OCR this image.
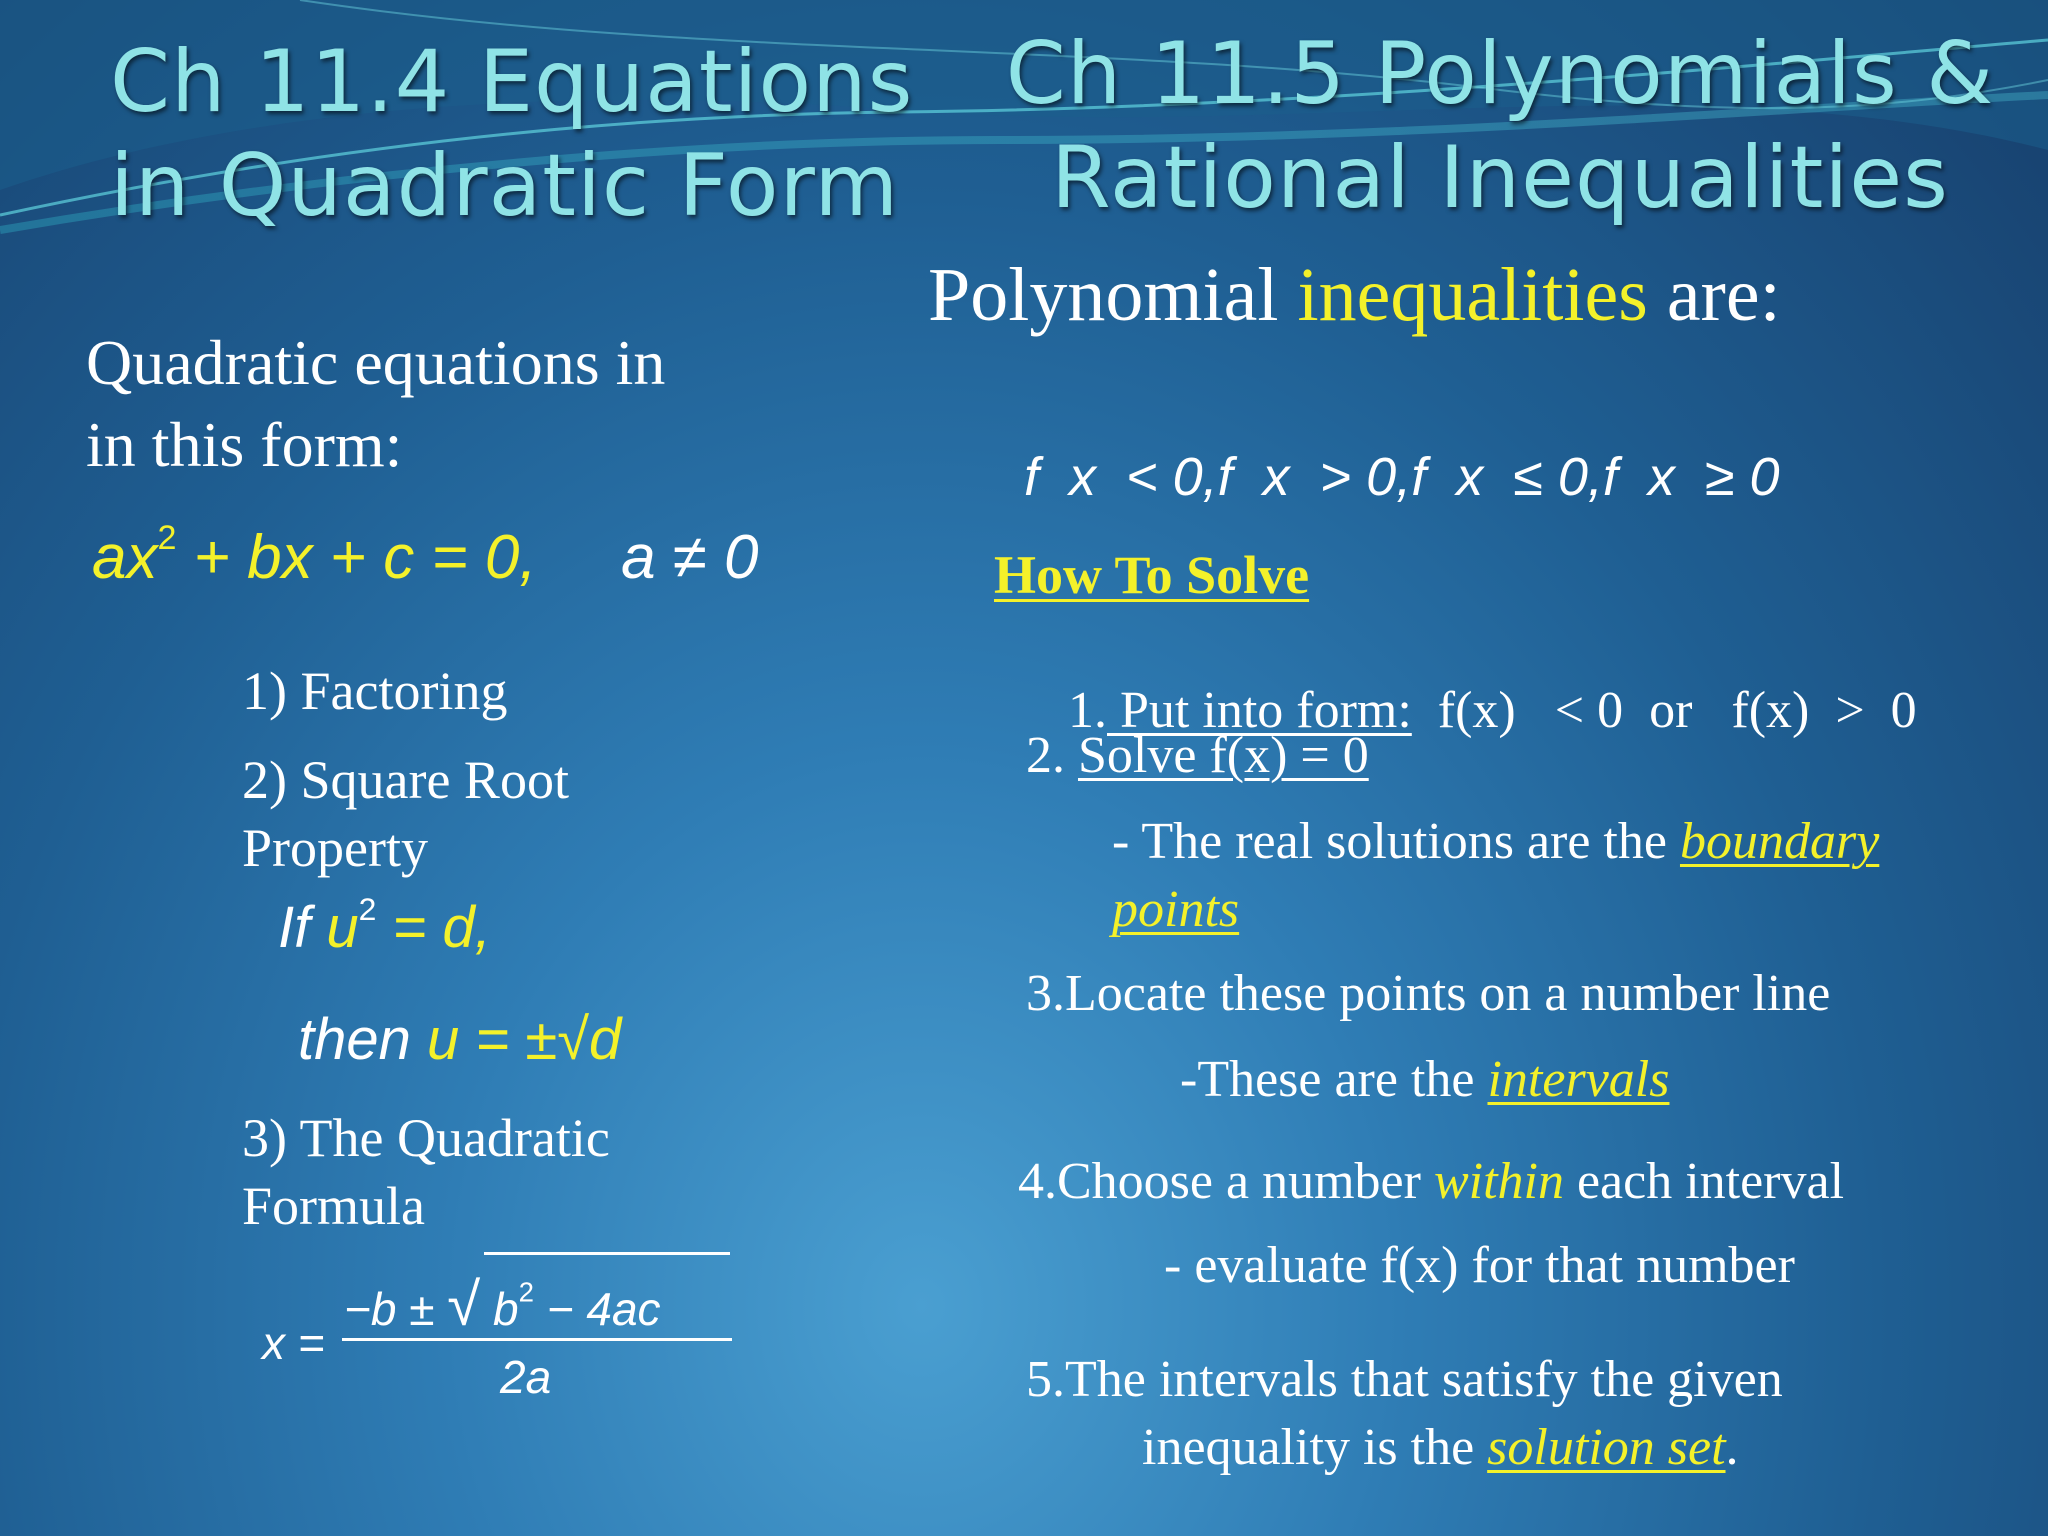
Ch 11.4 Equations
in Quadratic Form
Ch 11.5 Polynomials &
Rational Inequalities
Quadratic equations in
in this form:
$ax^2$ + bx + c = 0, a ≠ 0
1) Factoring
2) Square Root
Property
If $u^2 = d$,
then u = ±√d
3) The Quadratic
Formula
x =
−b ± √ $b^2 - 4ac$
2a
Polynomial inequalities are:

f  x  < 0,f  x  > 0,f  x  ≤ 0,f  x  ≥ 0

How To Solve

1. Put into form: f(x)   < 0  or   f(x)  >  0

2. Solve f(x) = 0
- The real solutions are the boundary
points
3.Locate these points on a number line
-These are the intervals
4.Choose a number within each interval
- evaluate f(x) for that number
5.The intervals that satisfy the given
inequality is the solution set.
